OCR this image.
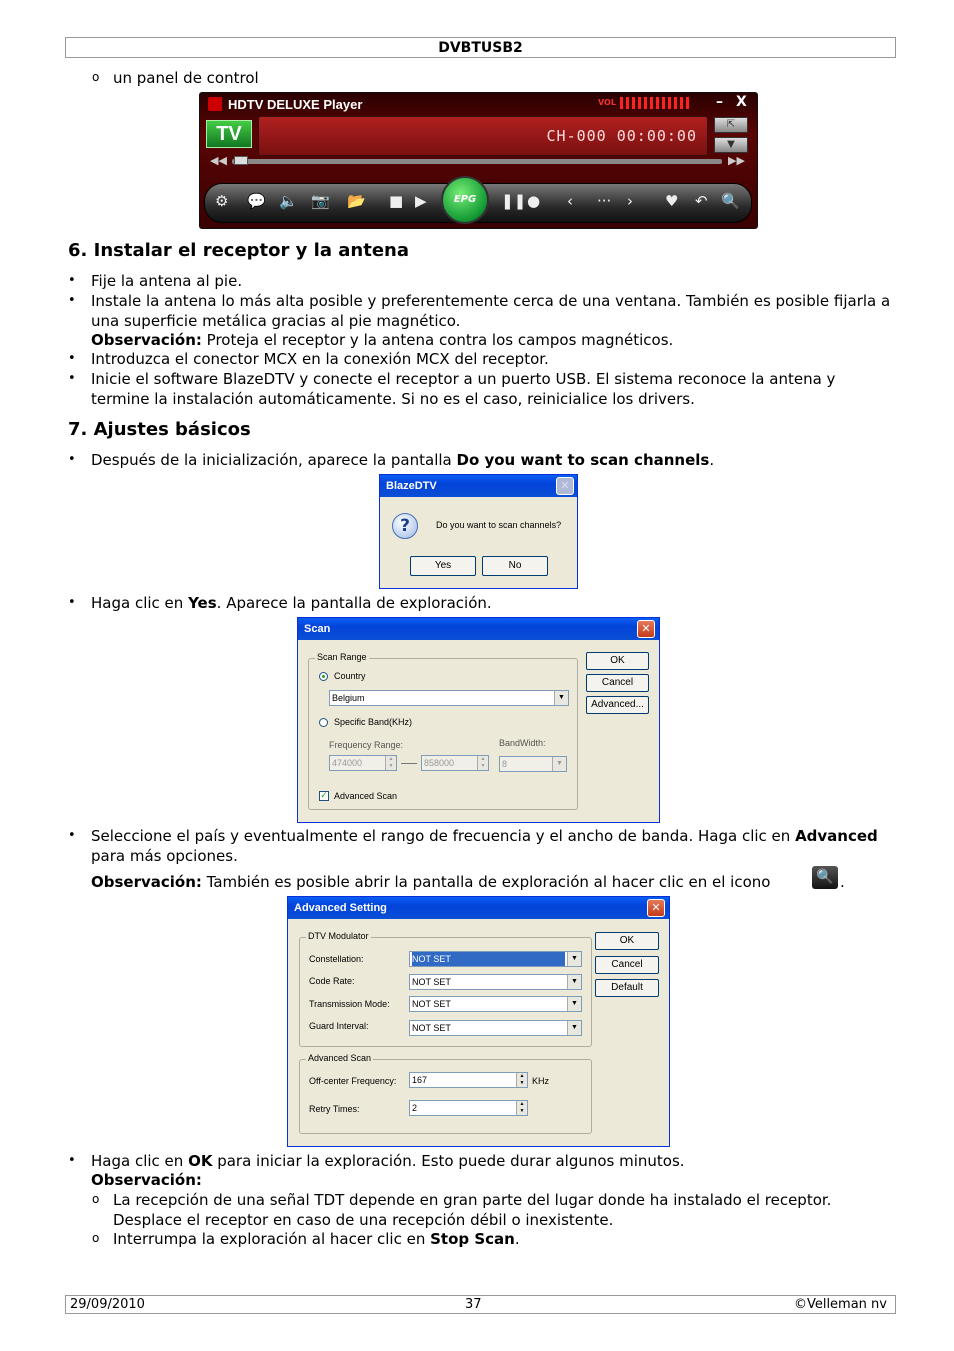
DVBTUSB2
o un panel de control
HDTV DELUXE Player	VOL	– X
TV	CH-000 00:00:00
⇱
▼
◀◀	▶▶
⚙ 💬 🔈 📷 📂 ■ ▶	EPG	❚❚ ● ‹ ··· › ♥ ↶ 🔍
6. Instalar el receptor y la antena
• Fije la antena al pie.
• Instale la antena lo más alta posible y preferentemente cerca de una ventana. También es posible fijarla a una superficie metálica gracias al pie magnético.
Observación: Proteja el receptor y la antena contra los campos magnéticos.
• Introduzca el conector MCX en la conexión MCX del receptor.
• Inicie el software BlazeDTV y conecte el receptor a un puerto USB. El sistema reconoce la antena y termine la instalación automáticamente. Si no es el caso, reinicialice los drivers.
7. Ajustes básicos
• Después de la inicialización, aparece la pantalla Do you want to scan channels.
BlazeDTV	✕
?	Do you want to scan channels?
Yes	No
• Haga clic en Yes. Aparece la pantalla de exploración.
Scan	✕
Scan Range
Country
Belgium	▼
Specific Band(KHz)
Frequency Range:	BandWidth:
474000	▲
▼	858000	▲
▼	8	▼
✓ Advanced Scan
OK
Cancel
Advanced...
• Seleccione el país y eventualmente el rango de frecuencia y el ancho de banda. Haga clic en Advanced para más opciones.
Observación: También es posible abrir la pantalla de exploración al hacer clic en el icono	🔍 .
Advanced Setting	✕
DTV Modulator
Constellation:	NOT SET	▼
Code Rate:	NOT SET	▼
Transmission Mode:	NOT SET	▼
Guard Interval:	NOT SET	▼
Advanced Scan
Off-center Frequency:	167	▲
▼ KHz
Retry Times:	2	▲
▼
OK
Cancel
Default
• Haga clic en OK para iniciar la exploración. Esto puede durar algunos minutos.
Observación:
o La recepción de una señal TDT depende en gran parte del lugar donde ha instalado el receptor. Desplace el receptor en caso de una recepción débil o inexistente.
o Interrumpa la exploración al hacer clic en Stop Scan.
29/09/2010	37	©Velleman nv
